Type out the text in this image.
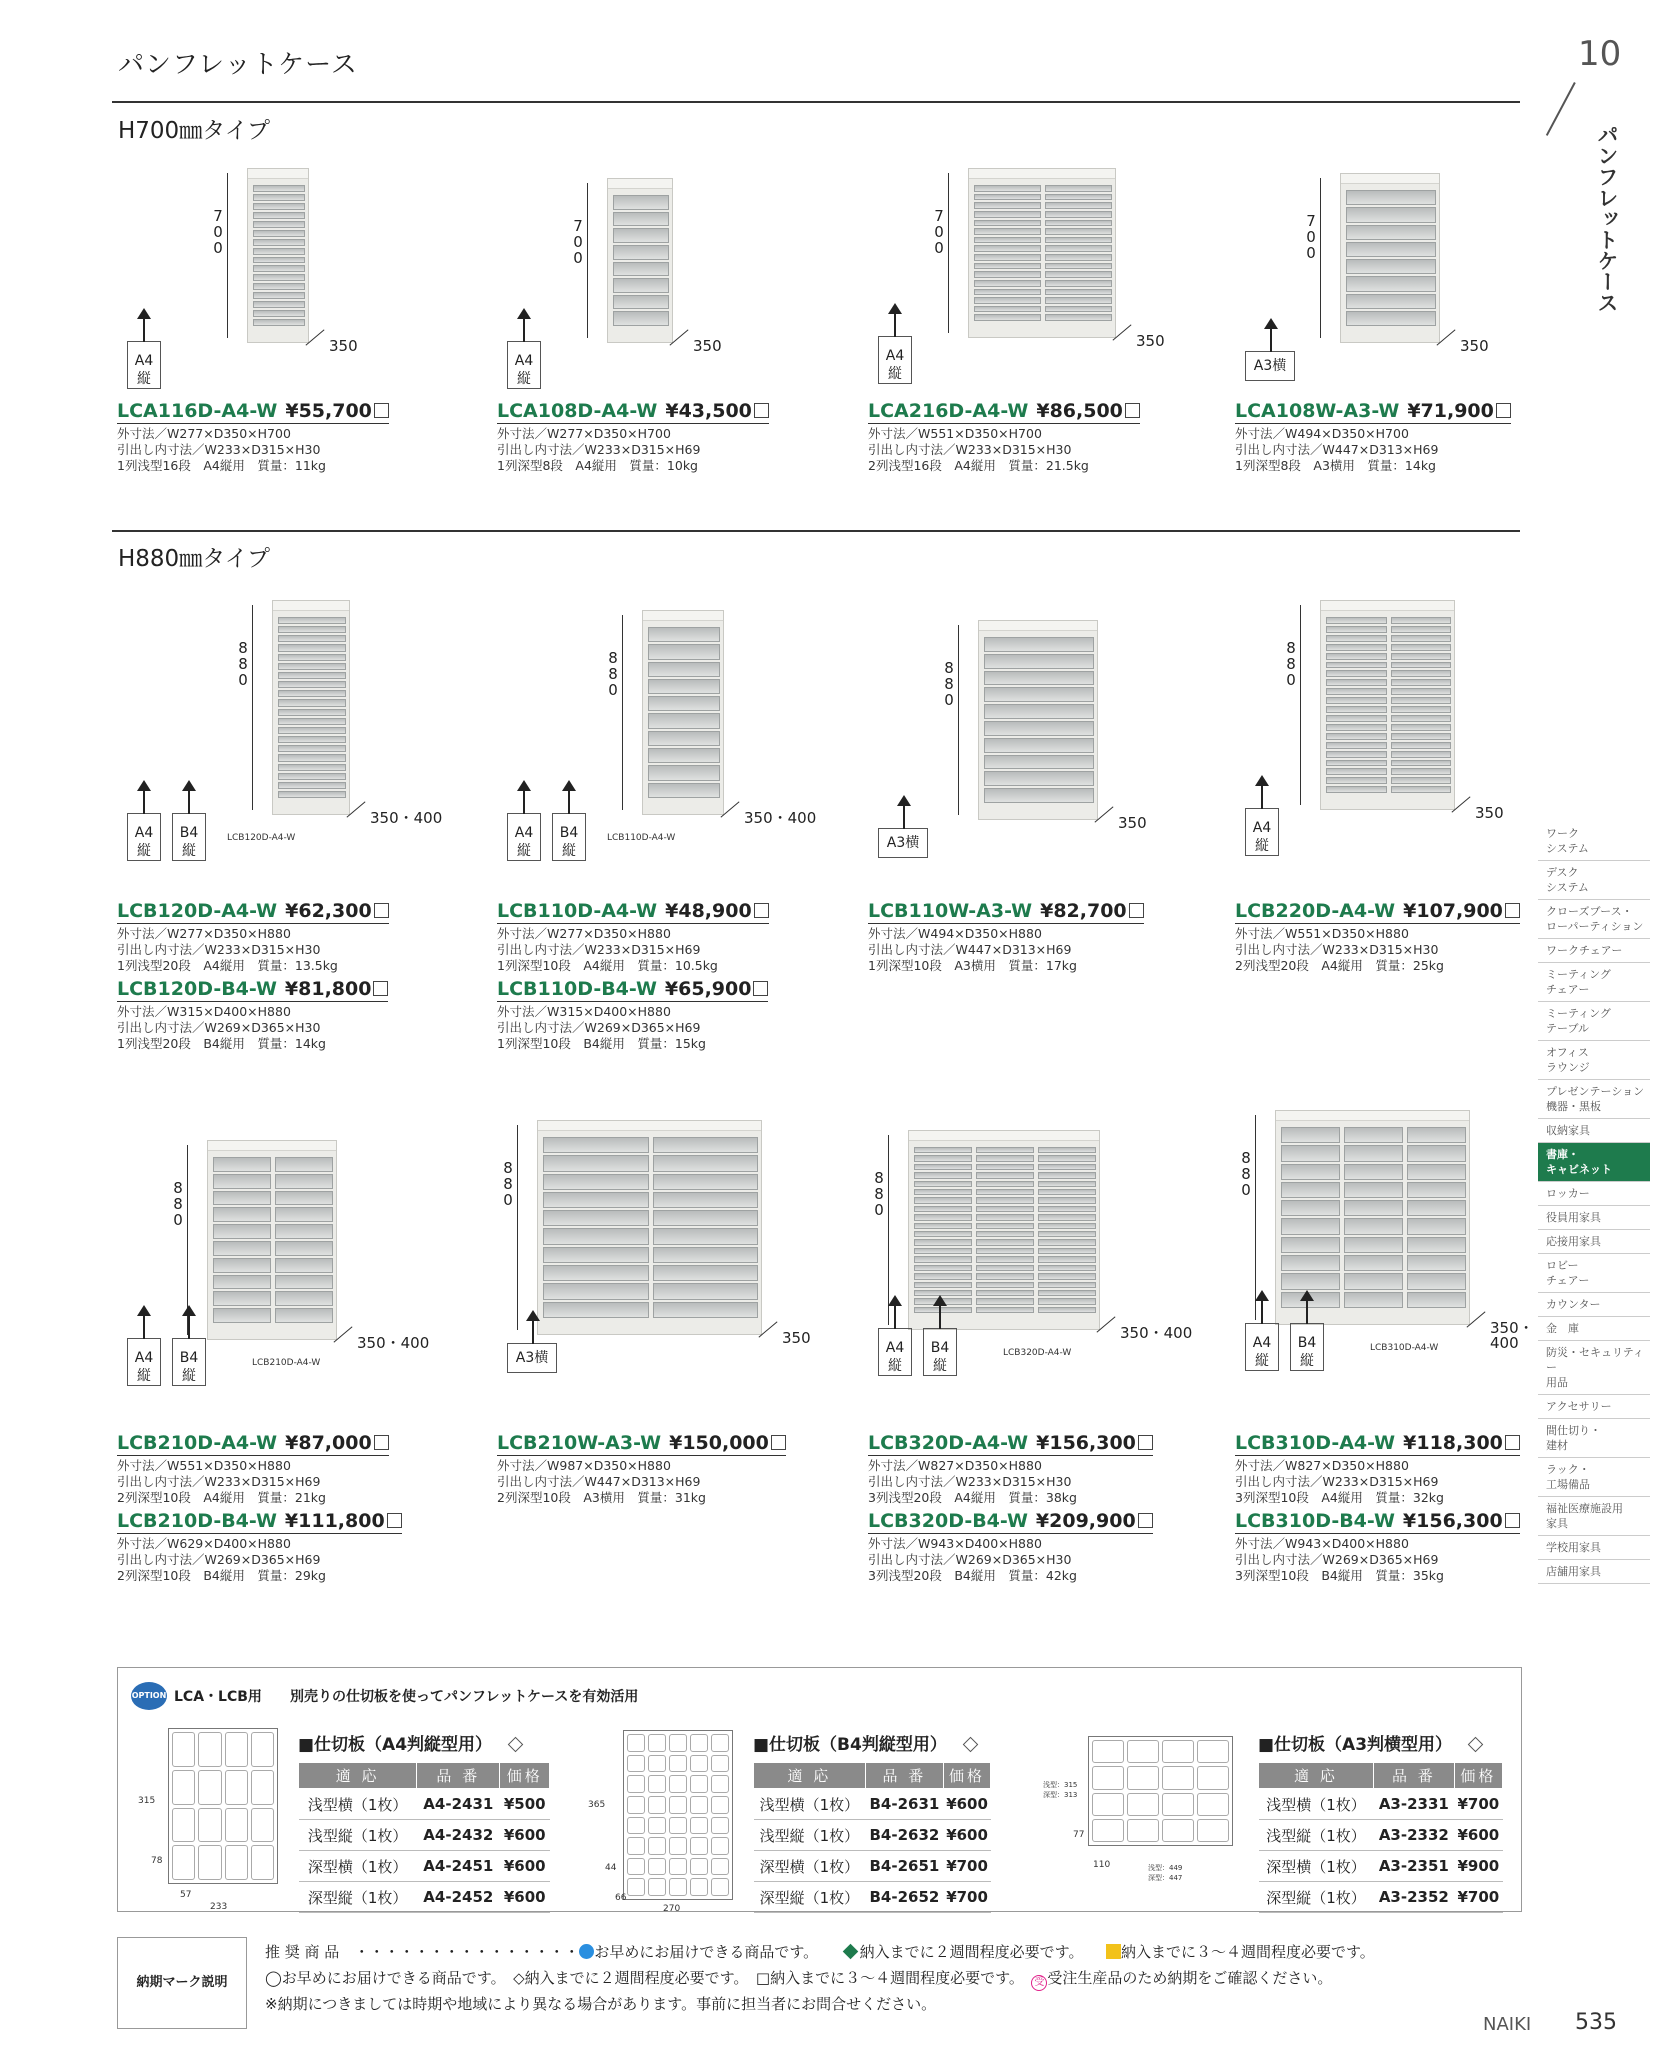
パンフレットケース	10
パンフレットケース
H700㎜タイプ
H880㎜タイプ
7
0
0
350
A4
縦
LCA116D-A4-W ¥55,700
外寸法／W277×D350×H700
引出し内寸法／W233×D315×H30
1列浅型16段　A4縦用　質量：11kg
7
0
0
350
A4
縦
LCA108D-A4-W ¥43,500
外寸法／W277×D350×H700
引出し内寸法／W233×D315×H69
1列深型8段　A4縦用　質量：10kg
7
0
0
350
A4
縦
LCA216D-A4-W ¥86,500
外寸法／W551×D350×H700
引出し内寸法／W233×D315×H30
2列浅型16段　A4縦用　質量：21.5kg
7
0
0
350
A3横
LCA108W-A3-W ¥71,900
外寸法／W494×D350×H700
引出し内寸法／W447×D313×H69
1列深型8段　A3横用　質量：14kg
8
8
0
350・400
A4
縦
B4
縦
LCB120D-A4-W
LCB120D-A4-W ¥62,300
外寸法／W277×D350×H880
引出し内寸法／W233×D315×H30
1列浅型20段　A4縦用　質量：13.5kg
LCB120D-B4-W ¥81,800
外寸法／W315×D400×H880
引出し内寸法／W269×D365×H30
1列浅型20段　B4縦用　質量：14kg
8
8
0
350・400
A4
縦
B4
縦
LCB110D-A4-W
LCB110D-A4-W ¥48,900
外寸法／W277×D350×H880
引出し内寸法／W233×D315×H69
1列深型10段　A4縦用　質量：10.5kg
LCB110D-B4-W ¥65,900
外寸法／W315×D400×H880
引出し内寸法／W269×D365×H69
1列深型10段　B4縦用　質量：15kg
8
8
0
350
A3横
LCB110W-A3-W ¥82,700
外寸法／W494×D350×H880
引出し内寸法／W447×D313×H69
1列深型10段　A3横用　質量：17kg
8
8
0
350
A4
縦
LCB220D-A4-W ¥107,900
外寸法／W551×D350×H880
引出し内寸法／W233×D315×H30
2列浅型20段　A4縦用　質量：25kg
8
8
0
350・400
A4
縦
B4
縦
LCB210D-A4-W
LCB210D-A4-W ¥87,000
外寸法／W551×D350×H880
引出し内寸法／W233×D315×H69
2列深型10段　A4縦用　質量：21kg
LCB210D-B4-W ¥111,800
外寸法／W629×D400×H880
引出し内寸法／W269×D365×H69
2列深型10段　B4縦用　質量：29kg
8
8
0
350
A3横
LCB210W-A3-W ¥150,000
外寸法／W987×D350×H880
引出し内寸法／W447×D313×H69
2列深型10段　A3横用　質量：31kg
8
8
0
350・400
A4
縦
B4
縦
LCB320D-A4-W
LCB320D-A4-W ¥156,300
外寸法／W827×D350×H880
引出し内寸法／W233×D315×H30
3列浅型20段　A4縦用　質量：38kg
LCB320D-B4-W ¥209,900
外寸法／W943×D400×H880
引出し内寸法／W269×D365×H30
3列浅型20段　B4縦用　質量：42kg
8
8
0
350・
400
A4
縦
B4
縦
LCB310D-A4-W
LCB310D-A4-W ¥118,300
外寸法／W827×D350×H880
引出し内寸法／W233×D315×H69
3列深型10段　A4縦用　質量：32kg
LCB310D-B4-W ¥156,300
外寸法／W943×D400×H880
引出し内寸法／W269×D365×H69
3列深型10段　B4縦用　質量：35kg
ワーク
システム
デスク
システム
クローズブース・
ローパーティション
ワークチェアー
ミーティング
チェアー
ミーティング
テーブル
オフィス
ラウンジ
プレゼンテーション
機器・黒板
収納家具
書庫・
キャビネット
ロッカー
役員用家具
応接用家具
ロビー
チェアー
カウンター
金　庫
防災・セキュリティー
用品
アクセサリー
間仕切り・
建材
ラック・
工場備品
福祉医療施設用
家具
学校用家具
店舗用家具
OPTION LCA・LCB用 別売りの仕切板を使ってパンフレットケースを有効活用
315
78
57
233
■仕切板（A4判縦型用）
適 応	品 番	価格
浅型横（1枚）	A4-2431	¥500
浅型縦（1枚）	A4-2432	¥600
深型横（1枚）	A4-2451	¥600
深型縦（1枚）	A4-2452	¥600
365
44
66
270
■仕切板（B4判縦型用）
適 応	品 番	価格
浅型横（1枚）	B4-2631	¥600
浅型縦（1枚）	B4-2632	¥600
深型横（1枚）	B4-2651	¥700
深型縦（1枚）	B4-2652	¥700
浅型：315
深型：313
77
110	浅型：449
深型：447
■仕切板（A3判横型用）
適 応	品 番	価格
浅型横（1枚）	A3-2331	¥700
浅型縦（1枚）	A3-2332	¥600
深型横（1枚）	A3-2351	¥900
深型縦（1枚）	A3-2352	¥700
納期マーク説明
推 奨 商 品　・・・・・・・・・・・・・・・ お早めにお届けできる商品です。　　	納入までに２週間程度必要です。　　	納入までに３〜４週間程度必要です。
◯お早めにお届けできる商品です。　◇納入までに２週間程度必要です。　□納入までに３〜４週間程度必要です。　 受 受注生産品のため納期をご確認ください。
※納期につきましては時期や地域により異なる場合があります。事前に担当者にお問合せください。
NAIKI 535
